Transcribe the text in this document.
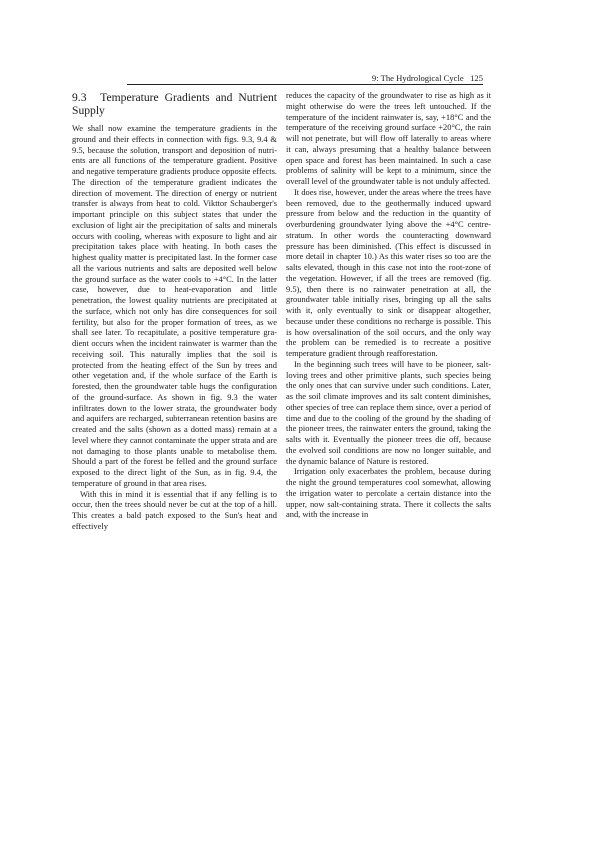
9: The Hydrological Cycle 125
9.3 Temperature Gradients and Nutrient Supply

We shall now examine the temperature gradients in the ground and their effects in connection with figs. 9.3, 9.4 & 9.5, because the solution, transport and deposition of nutrients are all functions of the temperature gradient. Positive and negative temperature gradients produce opposite effects. The direction of the temperature gradient indicates the direction of movement. The direction of energy or nutrient transfer is always from heat to cold. Vikttor Schauberger's important principle on this subject states that under the exclusion of light air the precipitation of salts and minerals occurs with cooling, whereas with exposure to light and air precipitation takes place with heating. In both cases the highest quality matter is precipitated last. In the former case all the various nutrients and salts are deposited well below the ground surface as the water cools to +4°C. In the latter case, however, due to heat-evaporation and little penetration, the lowest quality nutrients are precipitated at the surface, which not only has dire consequences for soil fertility, but also for the proper formation of trees, as we shall see later. To recapitulate, a positive temperature gradient occurs when the incident rainwater is warmer than the receiving soil. This naturally implies that the soil is protected from the heating effect of the Sun by trees and other vegetation and, if the whole surface of the Earth is forested, then the groundwater table hugs the configuration of the ground-surface. As shown in fig. 9.3 the water infiltrates down to the lower strata, the groundwater body and aquifers are recharged, subterranean retention basins are created and the salts (shown as a dotted mass) remain at a level where they cannot contaminate the upper strata and are not damaging to those plants unable to metabolise them. Should a part of the forest be felled and the ground surface exposed to the direct light of the Sun, as in fig. 9.4, the temperature of ground in that area rises.

With this in mind it is essential that if any felling is to occur, then the trees should never be cut at the top of a hill. This creates a bald patch exposed to the Sun's heat and effectively

reduces the capacity of the groundwater to rise as high as it might otherwise do were the trees left untouched. If the temperature of the incident rainwater is, say, +18°C and the temperature of the receiving ground surface +20°C, the rain will not penetrate, but will flow off laterally to areas where it can, always presuming that a healthy balance between open space and forest has been maintained. In such a case problems of salinity will be kept to a minimum, since the overall level of the groundwater table is not unduly affected.

It does rise, however, under the areas where the trees have been removed, due to the geothermally induced upward pressure from below and the reduction in the quantity of overburdening groundwater lying above the +4°C centre-stratum. In other words the counteracting downward pressure has been diminished. (This effect is discussed in more detail in chapter 10.) As this water rises so too are the salts elevated, though in this case not into the root-zone of the vegetation. However, if all the trees are removed (fig. 9.5), then there is no rainwater penetration at all, the groundwater table initially rises, bringing up all the salts with it, only eventually to sink or disappear altogether, because under these conditions no recharge is possible. This is how oversalination of the soil occurs, and the only way the problem can be remedied is to recreate a positive temperature gradient through reafforestation.

In the beginning such trees will have to be pioneer, salt-loving trees and other primitive plants, such species being the only ones that can survive under such conditions. Later, as the soil climate improves and its salt content diminishes, other species of tree can replace them since, over a period of time and due to the cooling of the ground by the shading of the pioneer trees, the rainwater enters the ground, taking the salts with it. Eventually the pioneer trees die off, because the evolved soil conditions are now no longer suitable, and the dynamic balance of Nature is restored.

Irrigation only exacerbates the problem, because during the night the ground temperatures cool somewhat, allowing the irrigation water to percolate a certain distance into the upper, now salt-containing strata. There it collects the salts and, with the increase in
